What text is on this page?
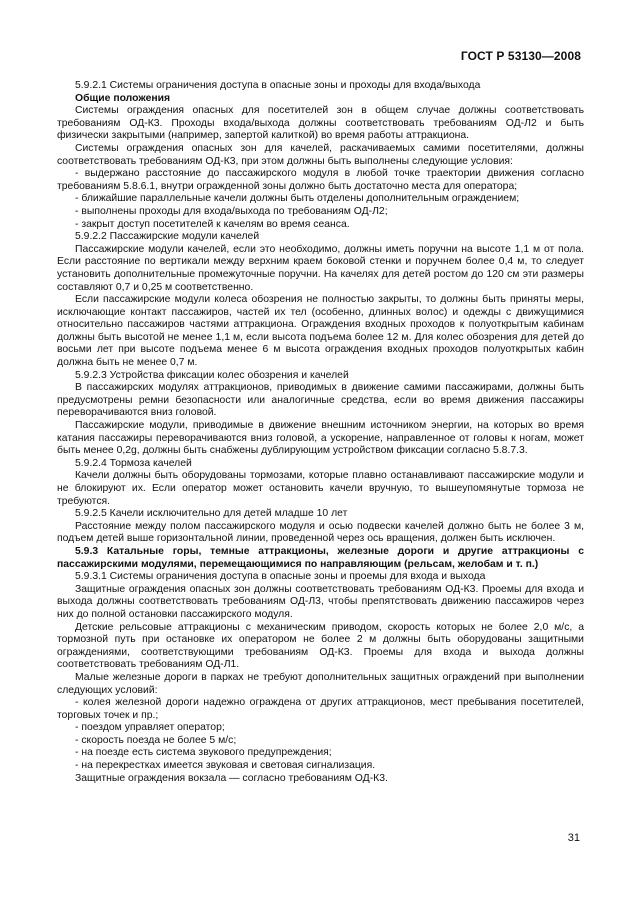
ГОСТ Р 53130—2008

5.9.2.1 Системы ограничения доступа в опасные зоны и проходы для входа/выхода

Общие положения

Системы ограждения опасных для посетителей зон в общем случае должны соответствовать требованиям ОД-К3. Проходы входа/выхода должны соответствовать требованиям ОД-Л2 и быть физически закрытыми (например, запертой калиткой) во время работы аттракциона.

Системы ограждения опасных зон для качелей, раскачиваемых самими посетителями, должны соответствовать требованиям ОД-К3, при этом должны быть выполнены следующие условия:

- выдержано расстояние до пассажирского модуля в любой точке траектории движения согласно требованиям 5.8.6.1, внутри огражденной зоны должно быть достаточно места для оператора;

- ближайшие параллельные качели должны быть отделены дополнительным ограждением;

- выполнены проходы для входа/выхода по требованиям ОД-Л2;

- закрыт доступ посетителей к качелям во время сеанса.

5.9.2.2 Пассажирские модули качелей

Пассажирские модули качелей, если это необходимо, должны иметь поручни на высоте 1,1 м от пола. Если расстояние по вертикали между верхним краем боковой стенки и поручнем более 0,4 м, то следует установить дополнительные промежуточные поручни. На качелях для детей ростом до 120 см эти размеры составляют 0,7 и 0,25 м соответственно.

Если пассажирские модули колеса обозрения не полностью закрыты, то должны быть приняты меры, исключающие контакт пассажиров, частей их тел (особенно, длинных волос) и одежды с движущимися относительно пассажиров частями аттракциона. Ограждения входных проходов к полуоткрытым кабинам должны быть высотой не менее 1,1 м, если высота подъема более 12 м. Для колес обозрения для детей до восьми лет при высоте подъема менее 6 м высота ограждения входных проходов полуоткрытых кабин должна быть не менее 0,7 м.

5.9.2.3 Устройства фиксации колес обозрения и качелей

В пассажирских модулях аттракционов, приводимых в движение самими пассажирами, должны быть предусмотрены ремни безопасности или аналогичные средства, если во время движения пассажиры переворачиваются вниз головой.

Пассажирские модули, приводимые в движение внешним источником энергии, на которых во время катания пассажиры переворачиваются вниз головой, а ускорение, направленное от головы к ногам, может быть менее 0,2g, должны быть снабжены дублирующим устройством фиксации согласно 5.8.7.3.

5.9.2.4 Тормоза качелей

Качели должны быть оборудованы тормозами, которые плавно останавливают пассажирские модули и не блокируют их. Если оператор может остановить качели вручную, то вышеупомянутые тормоза не требуются.

5.9.2.5 Качели исключительно для детей младше 10 лет

Расстояние между полом пассажирского модуля и осью подвески качелей должно быть не более 3 м, подъем детей выше горизонтальной линии, проведенной через ось вращения, должен быть исключен.

5.9.3 Катальные горы, темные аттракционы, железные дороги и другие аттракционы с пассажирскими модулями, перемещающимися по направляющим (рельсам, желобам и т. п.)

5.9.3.1 Системы ограничения доступа в опасные зоны и проемы для входа и выхода

Защитные ограждения опасных зон должны соответствовать требованиям ОД-К3. Проемы для входа и выхода должны соответствовать требованиям ОД-Л3, чтобы препятствовать движению пассажиров через них до полной остановки пассажирского модуля.

Детские рельсовые аттракционы с механическим приводом, скорость которых не более 2,0 м/с, а тормозной путь при остановке их оператором не более 2 м должны быть оборудованы защитными ограждениями, соответствующими требованиям ОД-К3. Проемы для входа и выхода должны соответствовать требованиям ОД-Л1.

Малые железные дороги в парках не требуют дополнительных защитных ограждений при выполнении следующих условий:

- колея железной дороги надежно ограждена от других аттракционов, мест пребывания посетителей, торговых точек и пр.;

- поездом управляет оператор;

- скорость поезда не более 5 м/с;

- на поезде есть система звукового предупреждения;

- на перекрестках имеется звуковая и световая сигнализация.

Защитные ограждения вокзала — согласно требованиям ОД-К3.

31
